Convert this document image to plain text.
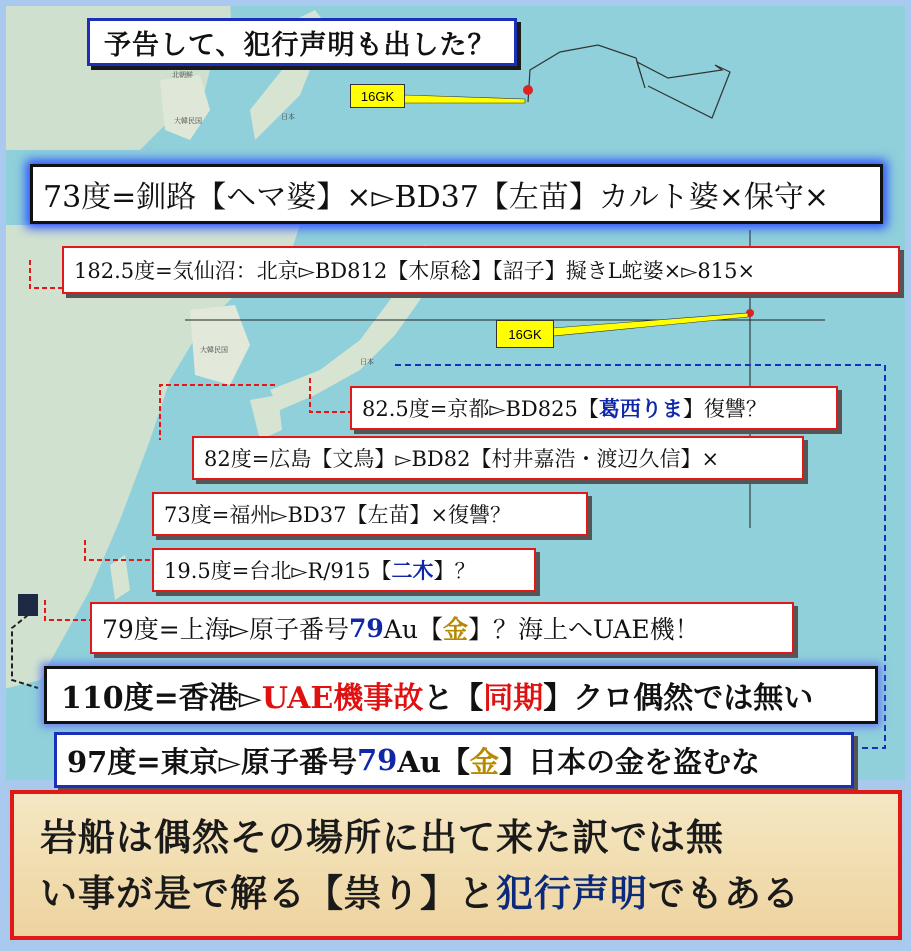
北朝鮮
大韓民国	日本
大韓民国
日本
予告して、犯行声明も出した？
16GK
16GK
73度=釧路【ヘマ婆】×▻BD37【左苗】カルト婆×保守×
182.5度=気仙沼：北京▻BD812【木原稔】【詔子】擬きL蛇婆×▻815×
82.5度=京都▻BD825【 葛西りま 】復讐？
82度=広島【文鳥】▻BD82【村井嘉浩・渡辺久信】×
73度=福州▻BD37【左苗】×復讐？
19.5度=台北▻R/915【 二木 】？
79度=上海▻原子番号 79 Au【 金 】？海上へUAE機！
110度=香港▻ UAE機事故 と【 同期 】クロ偶然では無い
97度=東京▻原子番号 79 Au【 金 】日本の金を盗むな
岩船は偶然その場所に出て来た訳では無
い事が是で解る【祟り】と犯行声明でもある
